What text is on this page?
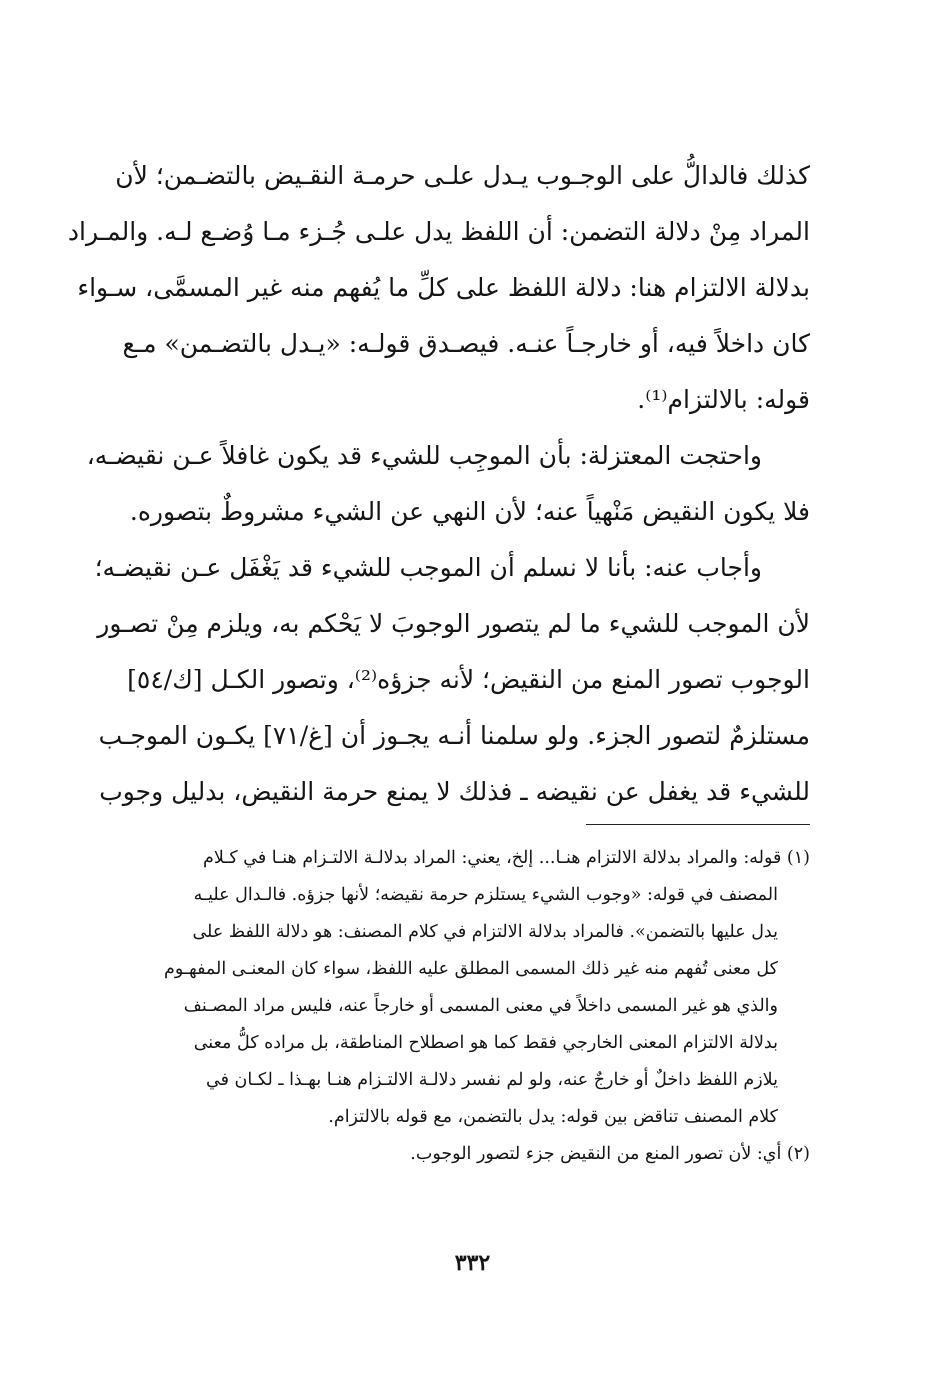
كذلك فالدالُّ على الوجـوب يـدل علـى حرمـة النقـيض بالتضـمن؛ لأن
المراد مِنْ دلالة التضمن: أن اللفظ يدل علـى جُـزء مـا وُضـع لـه. والمـراد
بدلالة الالتزام هنا: دلالة اللفظ على كلِّ ما يُفهم منه غير المسمَّى، سـواء
كان داخلاً فيه، أو خارجـاً عنـه. فيصـدق قولـه: «يـدل بالتضـمن» مـع
قوله: بالالتزام⁽¹⁾.
واحتجت المعتزلة: بأن الموجِب للشيء قد يكون غافلاً عـن نقيضـه،
فلا يكون النقيض مَنْهياً عنه؛ لأن النهي عن الشيء مشروطٌ بتصوره.
وأجاب عنه: بأنا لا نسلم أن الموجب للشيء قد يَغْفَل عـن نقيضـه؛
لأن الموجب للشيء ما لم يتصور الوجوبَ لا يَحْكم به، ويلزم مِنْ تصـور
الوجوب تصور المنع من النقيض؛ لأنه جزؤه⁽²⁾، وتصور الكـل [ك/٥٤]
مستلزمٌ لتصور الجزء. ولو سلمنا أنـه يجـوز أن [غ/٧١] يكـون الموجـب
للشيء قد يغفل عن نقيضه ـ فذلك لا يمنع حرمة النقيض، بدليل وجوب
(١) قوله: والمراد بدلالة الالتزام هنـا... إلخ، يعني: المراد بدلالـة الالتـزام هنـا في كـلام
المصنف في قوله: «وجوب الشيء يستلزم حرمة نقيضه؛ لأنها جزؤه. فالـدال عليـه
يدل عليها بالتضمن». فالمراد بدلالة الالتزام في كلام المصنف: هو دلالة اللفظ على
كل معنى تُفهم منه غير ذلك المسمى المطلق عليه اللفظ، سواء كان المعنـى المفهـوم
والذي هو غير المسمى داخلاً في معنى المسمى أو خارجاً عنه، فليس مراد المصـنف
بدلالة الالتزام المعنى الخارجي فقط كما هو اصطلاح المناطقة، بل مراده كلُّ معنى
يلازم اللفظ داخلٌ أو خارجٌ عنه، ولو لم نفسر دلالـة الالتـزام هنـا بهـذا ـ لكـان في
كلام المصنف تناقض بين قوله: يدل بالتضمن، مع قوله بالالتزام.
(٢) أي: لأن تصور المنع من النقيض جزء لتصور الوجوب.
٣٣٢
